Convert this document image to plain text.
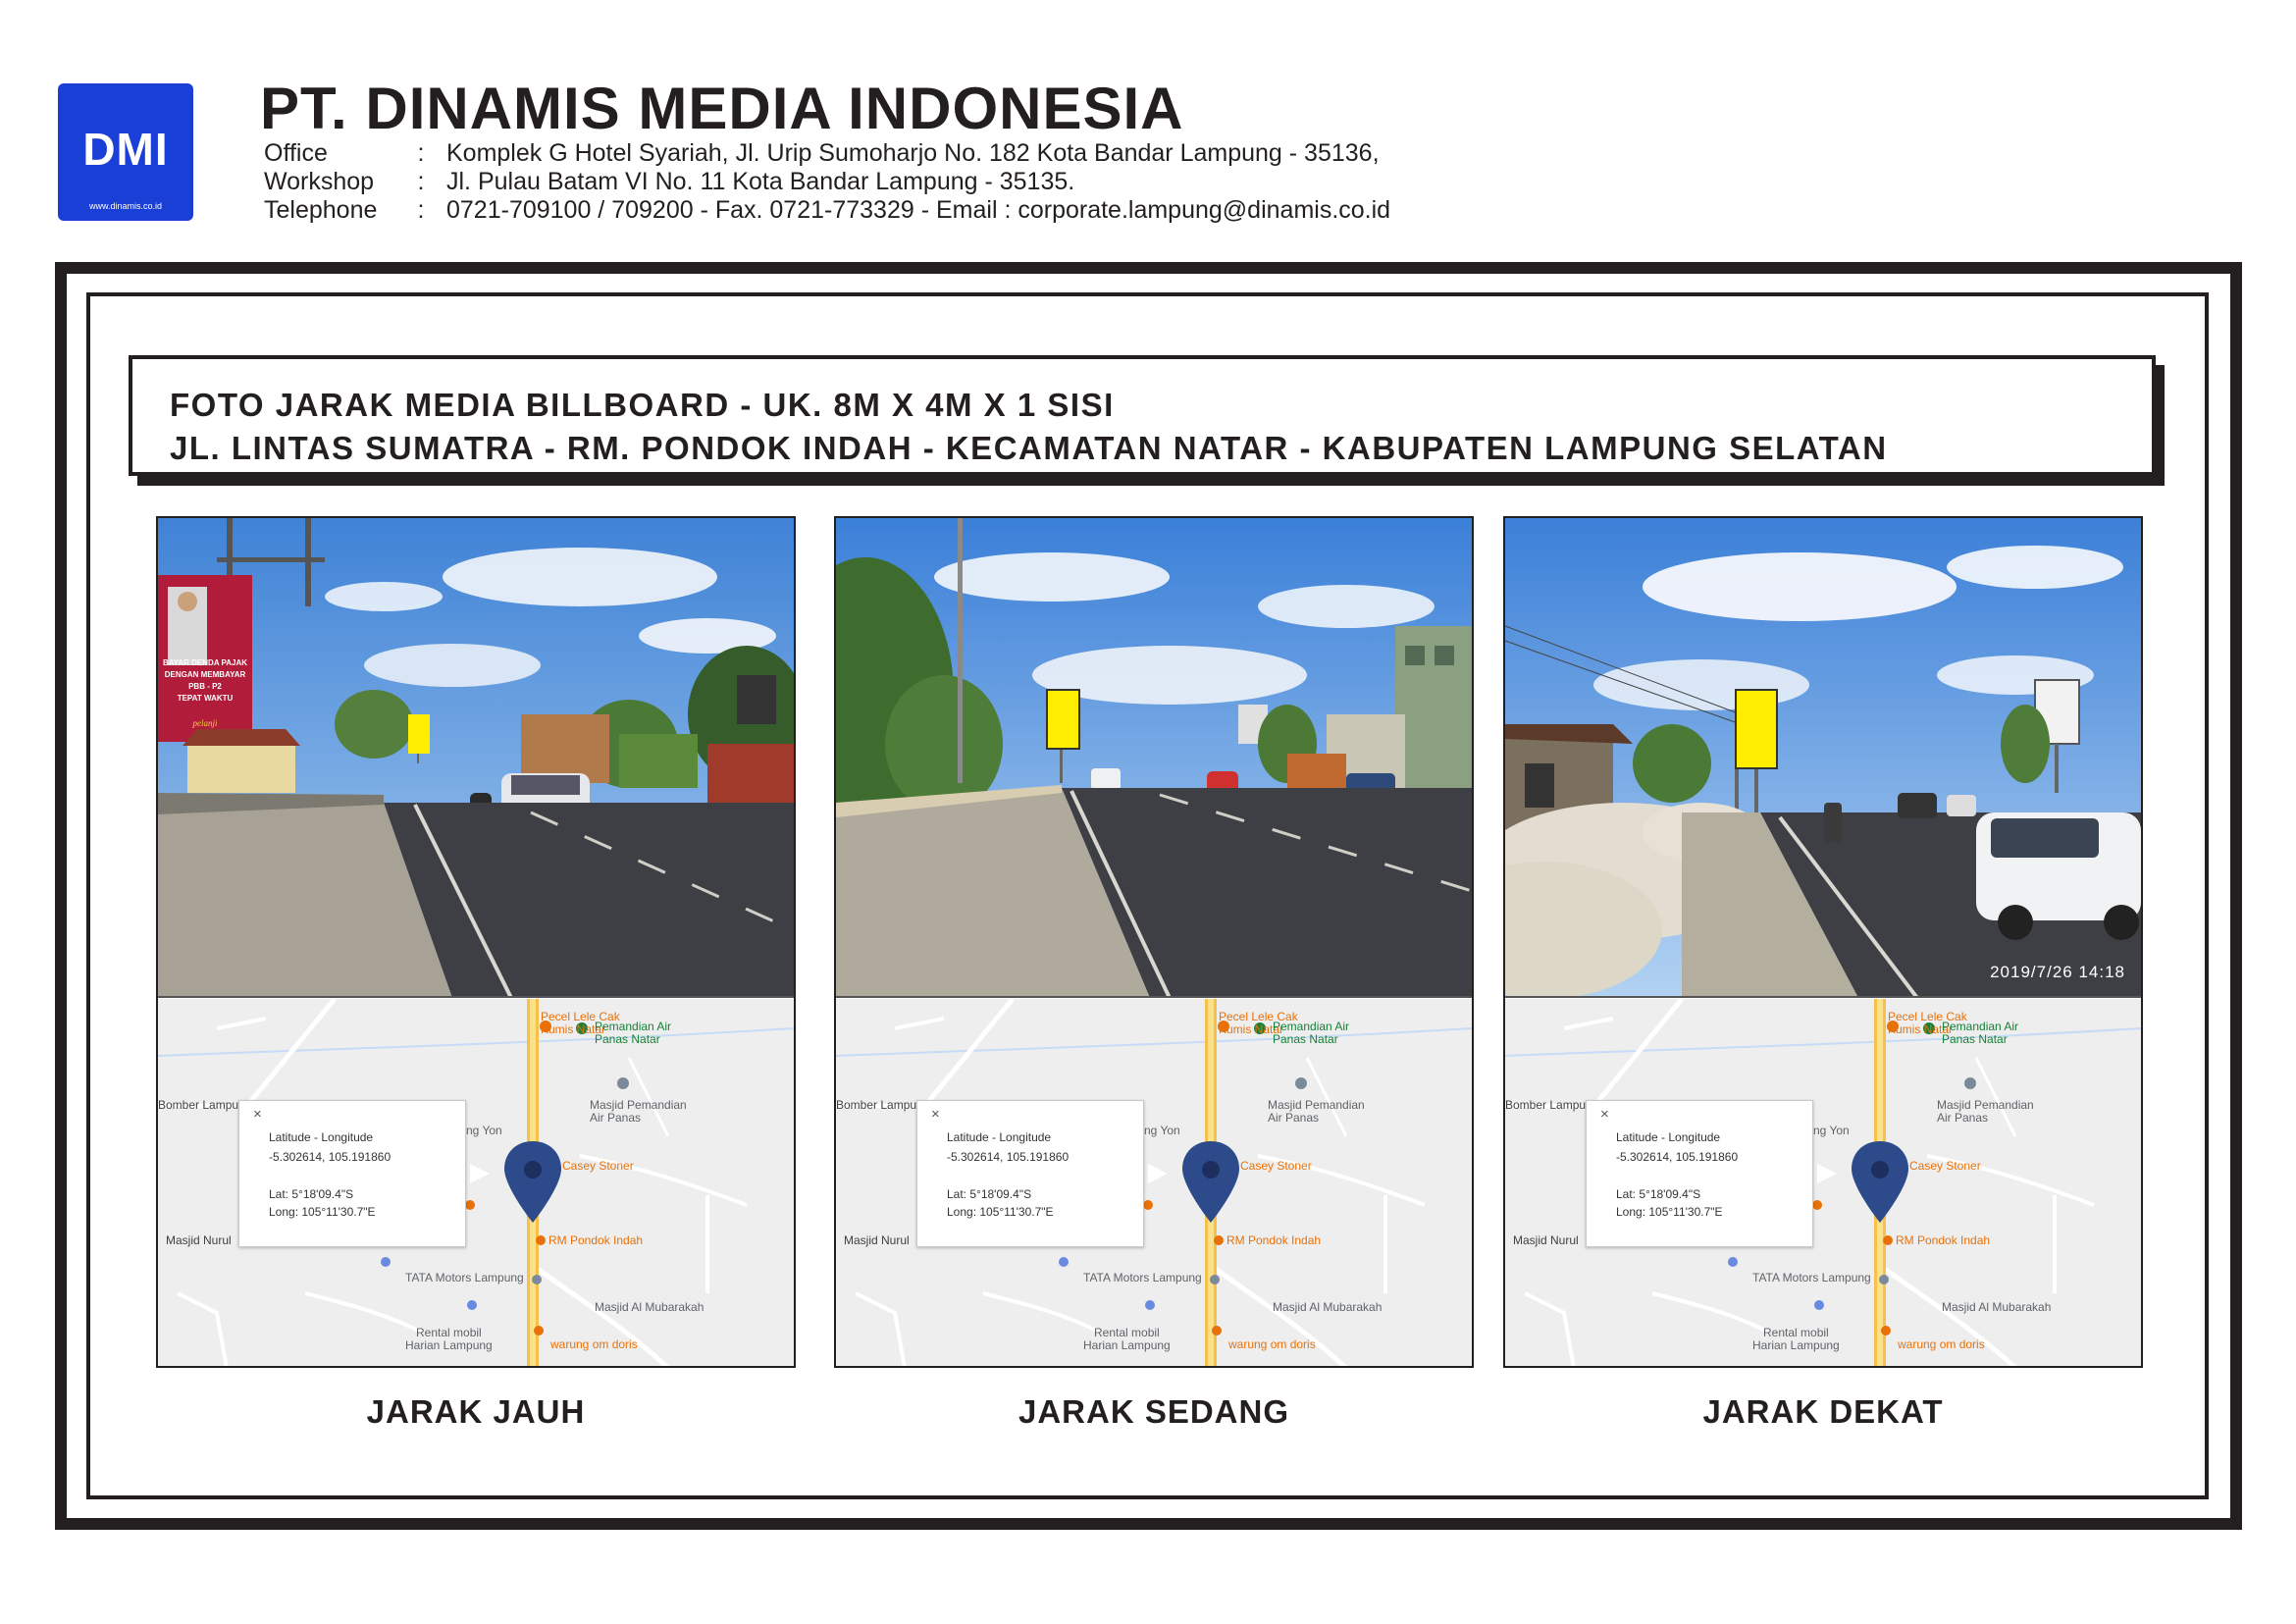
DMI
www.dinamis.co.id
PT. DINAMIS MEDIA INDONESIA
Office	: Komplek G Hotel Syariah, Jl. Urip Sumoharjo No. 182 Kota Bandar Lampung - 35136,
Workshop : Jl. Pulau Batam VI No. 11 Kota Bandar Lampung - 35135.
Telephone : 0721-709100 / 709200 - Fax. 0721-773329 - Email : corporate.lampung@dinamis.co.id
FOTO JARAK MEDIA BILLBOARD - UK. 8M X 4M X 1 SISI
JL. LINTAS SUMATRA - RM. PONDOK INDAH - KECAMATAN NATAR - KABUPATEN LAMPUNG SELATAN
BAYAR DENDA PAJAK
DENGAN MEMBAYAR
PBB - P2
TEPAT WAKTU
pelanji
Pecel Lele Cak
Kumis Natar
Pemandian Air
Panas Natar
Masjid Pemandian
Air Panas
Bomber Lampu
ng Yon
Casey Stoner
RM Pondok Indah
Masjid Nurul
TATA Motors Lampung
Masjid Al Mubarakah
Rental mobil
Harian Lampung	warung om doris
×
Latitude - Longitude
-5.302614, 105.191860
Lat: 5°18'09.4"S
Long: 105°11'30.7"E
Pecel Lele Cak
Kumis Natar
Pemandian Air
Panas Natar
Masjid Pemandian
Air Panas
Bomber Lampu
ng Yon
Casey Stoner
RM Pondok Indah
Masjid Nurul
TATA Motors Lampung
Masjid Al Mubarakah
Rental mobil
Harian Lampung	warung om doris
×
Latitude - Longitude
-5.302614, 105.191860
Lat: 5°18'09.4"S
Long: 105°11'30.7"E
2019/7/26 14:18
Pecel Lele Cak
Kumis Natar
Pemandian Air
Panas Natar
Masjid Pemandian
Air Panas
Bomber Lampu
ng Yon
Casey Stoner
RM Pondok Indah
Masjid Nurul
TATA Motors Lampung
Masjid Al Mubarakah
Rental mobil
Harian Lampung	warung om doris
×
Latitude - Longitude
-5.302614, 105.191860
Lat: 5°18'09.4"S
Long: 105°11'30.7"E
JARAK JAUH	JARAK SEDANG	JARAK DEKAT
